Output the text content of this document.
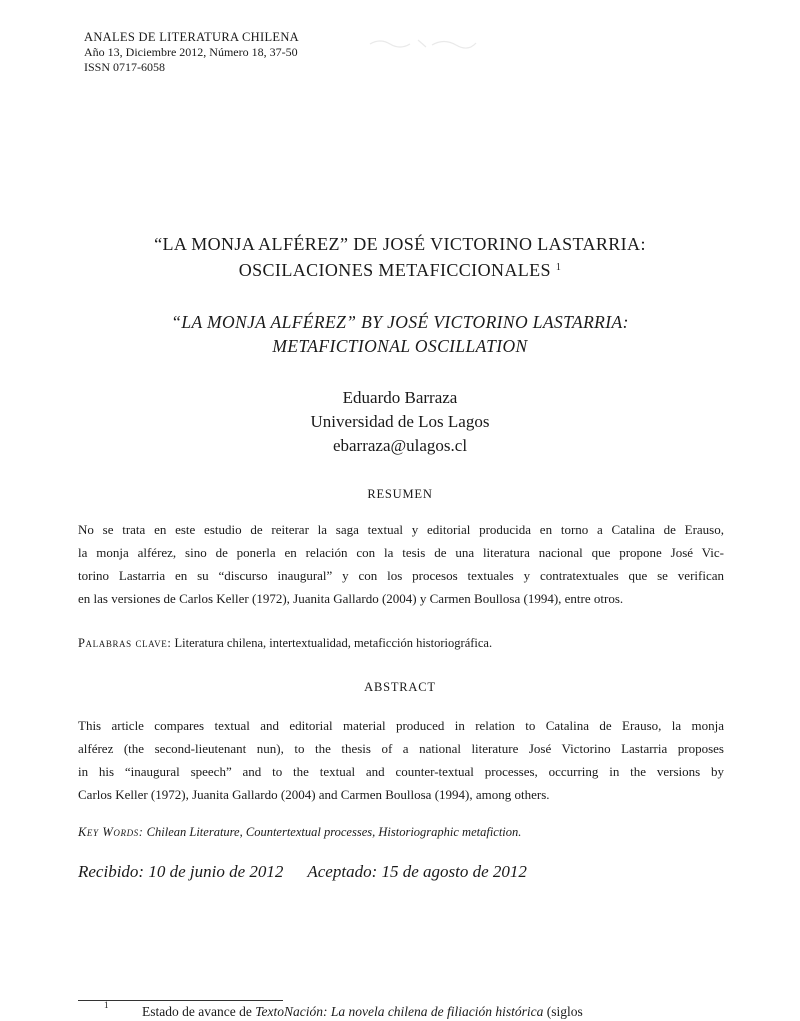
ANALES DE LITERATURA CHILENA
Año 13, Diciembre 2012, Número 18, 37-50
ISSN 0717-6058
“LA MONJA ALFÉREZ” DE JOSÉ VICTORINO LASTARRIA:
OSCILACIONES METAFICCIONALES $^1$
“LA MONJA ALFÉREZ” BY JOSÉ VICTORINO LASTARRIA:
METAFICTIONAL OSCILLATION
Eduardo Barraza
Universidad de Los Lagos
ebarraza@ulagos.cl
RESUMEN
No se trata en este estudio de reiterar la saga textual y editorial producida en torno a Catalina de Erauso,
la monja alférez, sino de ponerla en relación con la tesis de una literatura nacional que propone José Vic-
torino Lastarria en su “discurso inaugural” y con los procesos textuales y contratextuales que se verifican
en las versiones de Carlos Keller (1972), Juanita Gallardo (2004) y Carmen Boullosa (1994), entre otros.
Palabras clave: Literatura chilena, intertextualidad, metaficción historiográfica.
ABSTRACT
This article compares textual and editorial material produced in relation to Catalina de Erauso, la monja
alférez (the second-lieutenant nun), to the thesis of a national literature José Victorino Lastarria proposes
in his “inaugural speech” and to the textual and counter-textual processes, occurring in the versions by
Carlos Keller (1972), Juanita Gallardo (2004) and Carmen Boullosa (1994), among others.
Key Words: Chilean Literature, Countertextual processes, Historiographic metafiction.
Recibido: 10 de junio de 2012 Aceptado: 15 de agosto de 2012
1 Estado de avance de TextoNación: La novela chilena de filiación histórica (siglos
